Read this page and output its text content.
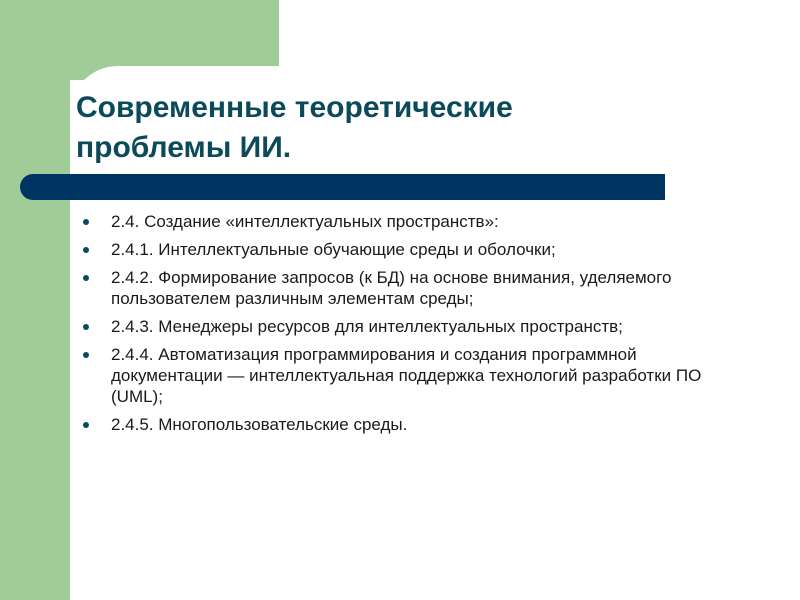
Современные теоретические
проблемы ИИ.
2.4. Создание «интеллектуальных пространств»:
2.4.1. Интеллектуальные обучающие среды и оболочки;
2.4.2. Формирование запросов (к БД) на основе внимания, уделяемого пользователем различным элементам среды;
2.4.3. Менеджеры ресурсов для интеллектуальных пространств;
2.4.4. Автоматизация программирования и создания программной документации — интеллектуальная поддержка технологий разработки ПО (UML);
2.4.5. Многопользовательские среды.
